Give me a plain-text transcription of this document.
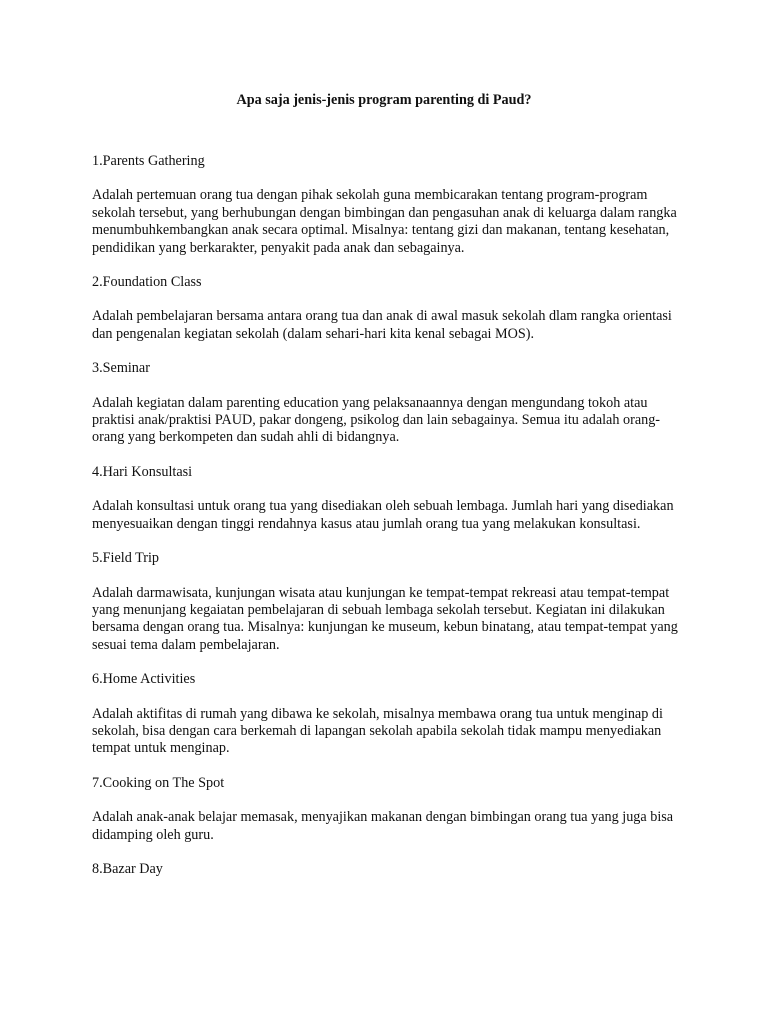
Apa saja jenis-jenis program parenting di Paud?

1.Parents Gathering

Adalah pertemuan orang tua dengan pihak sekolah guna membicarakan tentang program-program sekolah tersebut, yang berhubungan dengan bimbingan dan pengasuhan anak di keluarga dalam rangka menumbuhkembangkan anak secara optimal. Misalnya: tentang gizi dan makanan, tentang kesehatan, pendidikan yang berkarakter, penyakit pada anak dan sebagainya.

2.Foundation Class

Adalah pembelajaran bersama antara orang tua dan anak di awal masuk sekolah dlam rangka orientasi dan pengenalan kegiatan sekolah (dalam sehari-hari kita kenal sebagai MOS).

3.Seminar

Adalah kegiatan dalam parenting education yang pelaksanaannya dengan mengundang tokoh atau praktisi anak/praktisi PAUD, pakar dongeng, psikolog dan lain sebagainya. Semua itu adalah orang-orang yang berkompeten dan sudah ahli di bidangnya.

4.Hari Konsultasi

Adalah konsultasi untuk orang tua yang disediakan oleh sebuah lembaga. Jumlah hari yang disediakan menyesuaikan dengan tinggi rendahnya kasus atau jumlah orang tua yang melakukan konsultasi.

5.Field Trip

Adalah darmawisata, kunjungan wisata atau kunjungan ke tempat-tempat rekreasi atau tempat-tempat yang menunjang kegaiatan pembelajaran di sebuah lembaga sekolah tersebut. Kegiatan ini dilakukan bersama dengan orang tua. Misalnya: kunjungan ke museum, kebun binatang, atau tempat-tempat yang sesuai tema dalam pembelajaran.

6.Home Activities

Adalah aktifitas di rumah yang dibawa ke sekolah, misalnya membawa orang tua untuk menginap di sekolah, bisa dengan cara berkemah di lapangan sekolah apabila sekolah tidak mampu menyediakan tempat untuk menginap.

7.Cooking on The Spot

Adalah anak-anak belajar memasak, menyajikan makanan dengan bimbingan orang tua yang juga bisa didamping oleh guru.

8.Bazar Day
